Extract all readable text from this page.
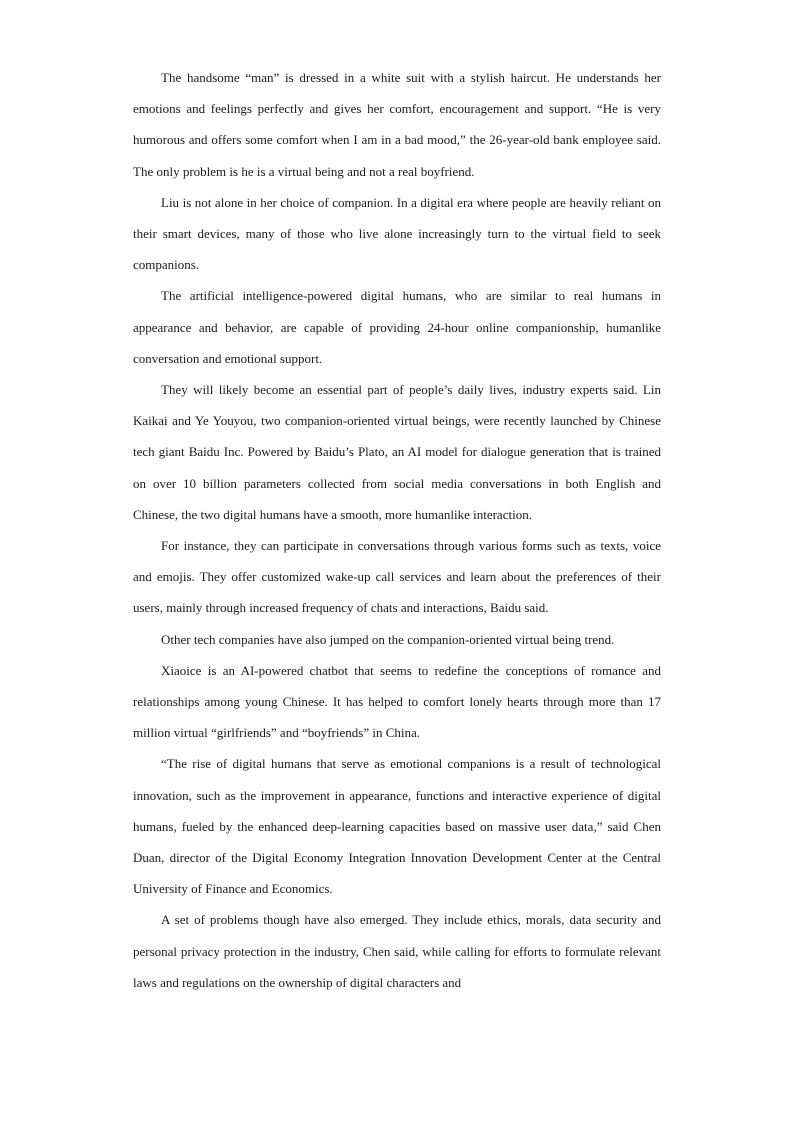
The handsome “man” is dressed in a white suit with a stylish haircut. He understands her emotions and feelings perfectly and gives her comfort, encouragement and support. “He is very humorous and offers some comfort when I am in a bad mood,” the 26-year-old bank employee said. The only problem is he is a virtual being and not a real boyfriend.

Liu is not alone in her choice of companion. In a digital era where people are heavily reliant on their smart devices, many of those who live alone increasingly turn to the virtual field to seek companions.

The artificial intelligence-powered digital humans, who are similar to real humans in appearance and behavior, are capable of providing 24-hour online companionship, humanlike conversation and emotional support.

They will likely become an essential part of people’s daily lives, industry experts said. Lin Kaikai and Ye Youyou, two companion-oriented virtual beings, were recently launched by Chinese tech giant Baidu Inc. Powered by Baidu’s Plato, an AI model for dialogue generation that is trained on over 10 billion parameters collected from social media conversations in both English and Chinese, the two digital humans have a smooth, more humanlike interaction.

For instance, they can participate in conversations through various forms such as texts, voice and emojis. They offer customized wake-up call services and learn about the preferences of their users, mainly through increased frequency of chats and interactions, Baidu said.

Other tech companies have also jumped on the companion-oriented virtual being trend.

Xiaoice is an AI-powered chatbot that seems to redefine the conceptions of romance and relationships among young Chinese. It has helped to comfort lonely hearts through more than 17 million virtual “girlfriends” and “boyfriends” in China.

“The rise of digital humans that serve as emotional companions is a result of technological innovation, such as the improvement in appearance, functions and interactive experience of digital humans, fueled by the enhanced deep-learning capacities based on massive user data,” said Chen Duan, director of the Digital Economy Integration Innovation Development Center at the Central University of Finance and Economics.

A set of problems though have also emerged. They include ethics, morals, data security and personal privacy protection in the industry, Chen said, while calling for efforts to formulate relevant laws and regulations on the ownership of digital characters and
